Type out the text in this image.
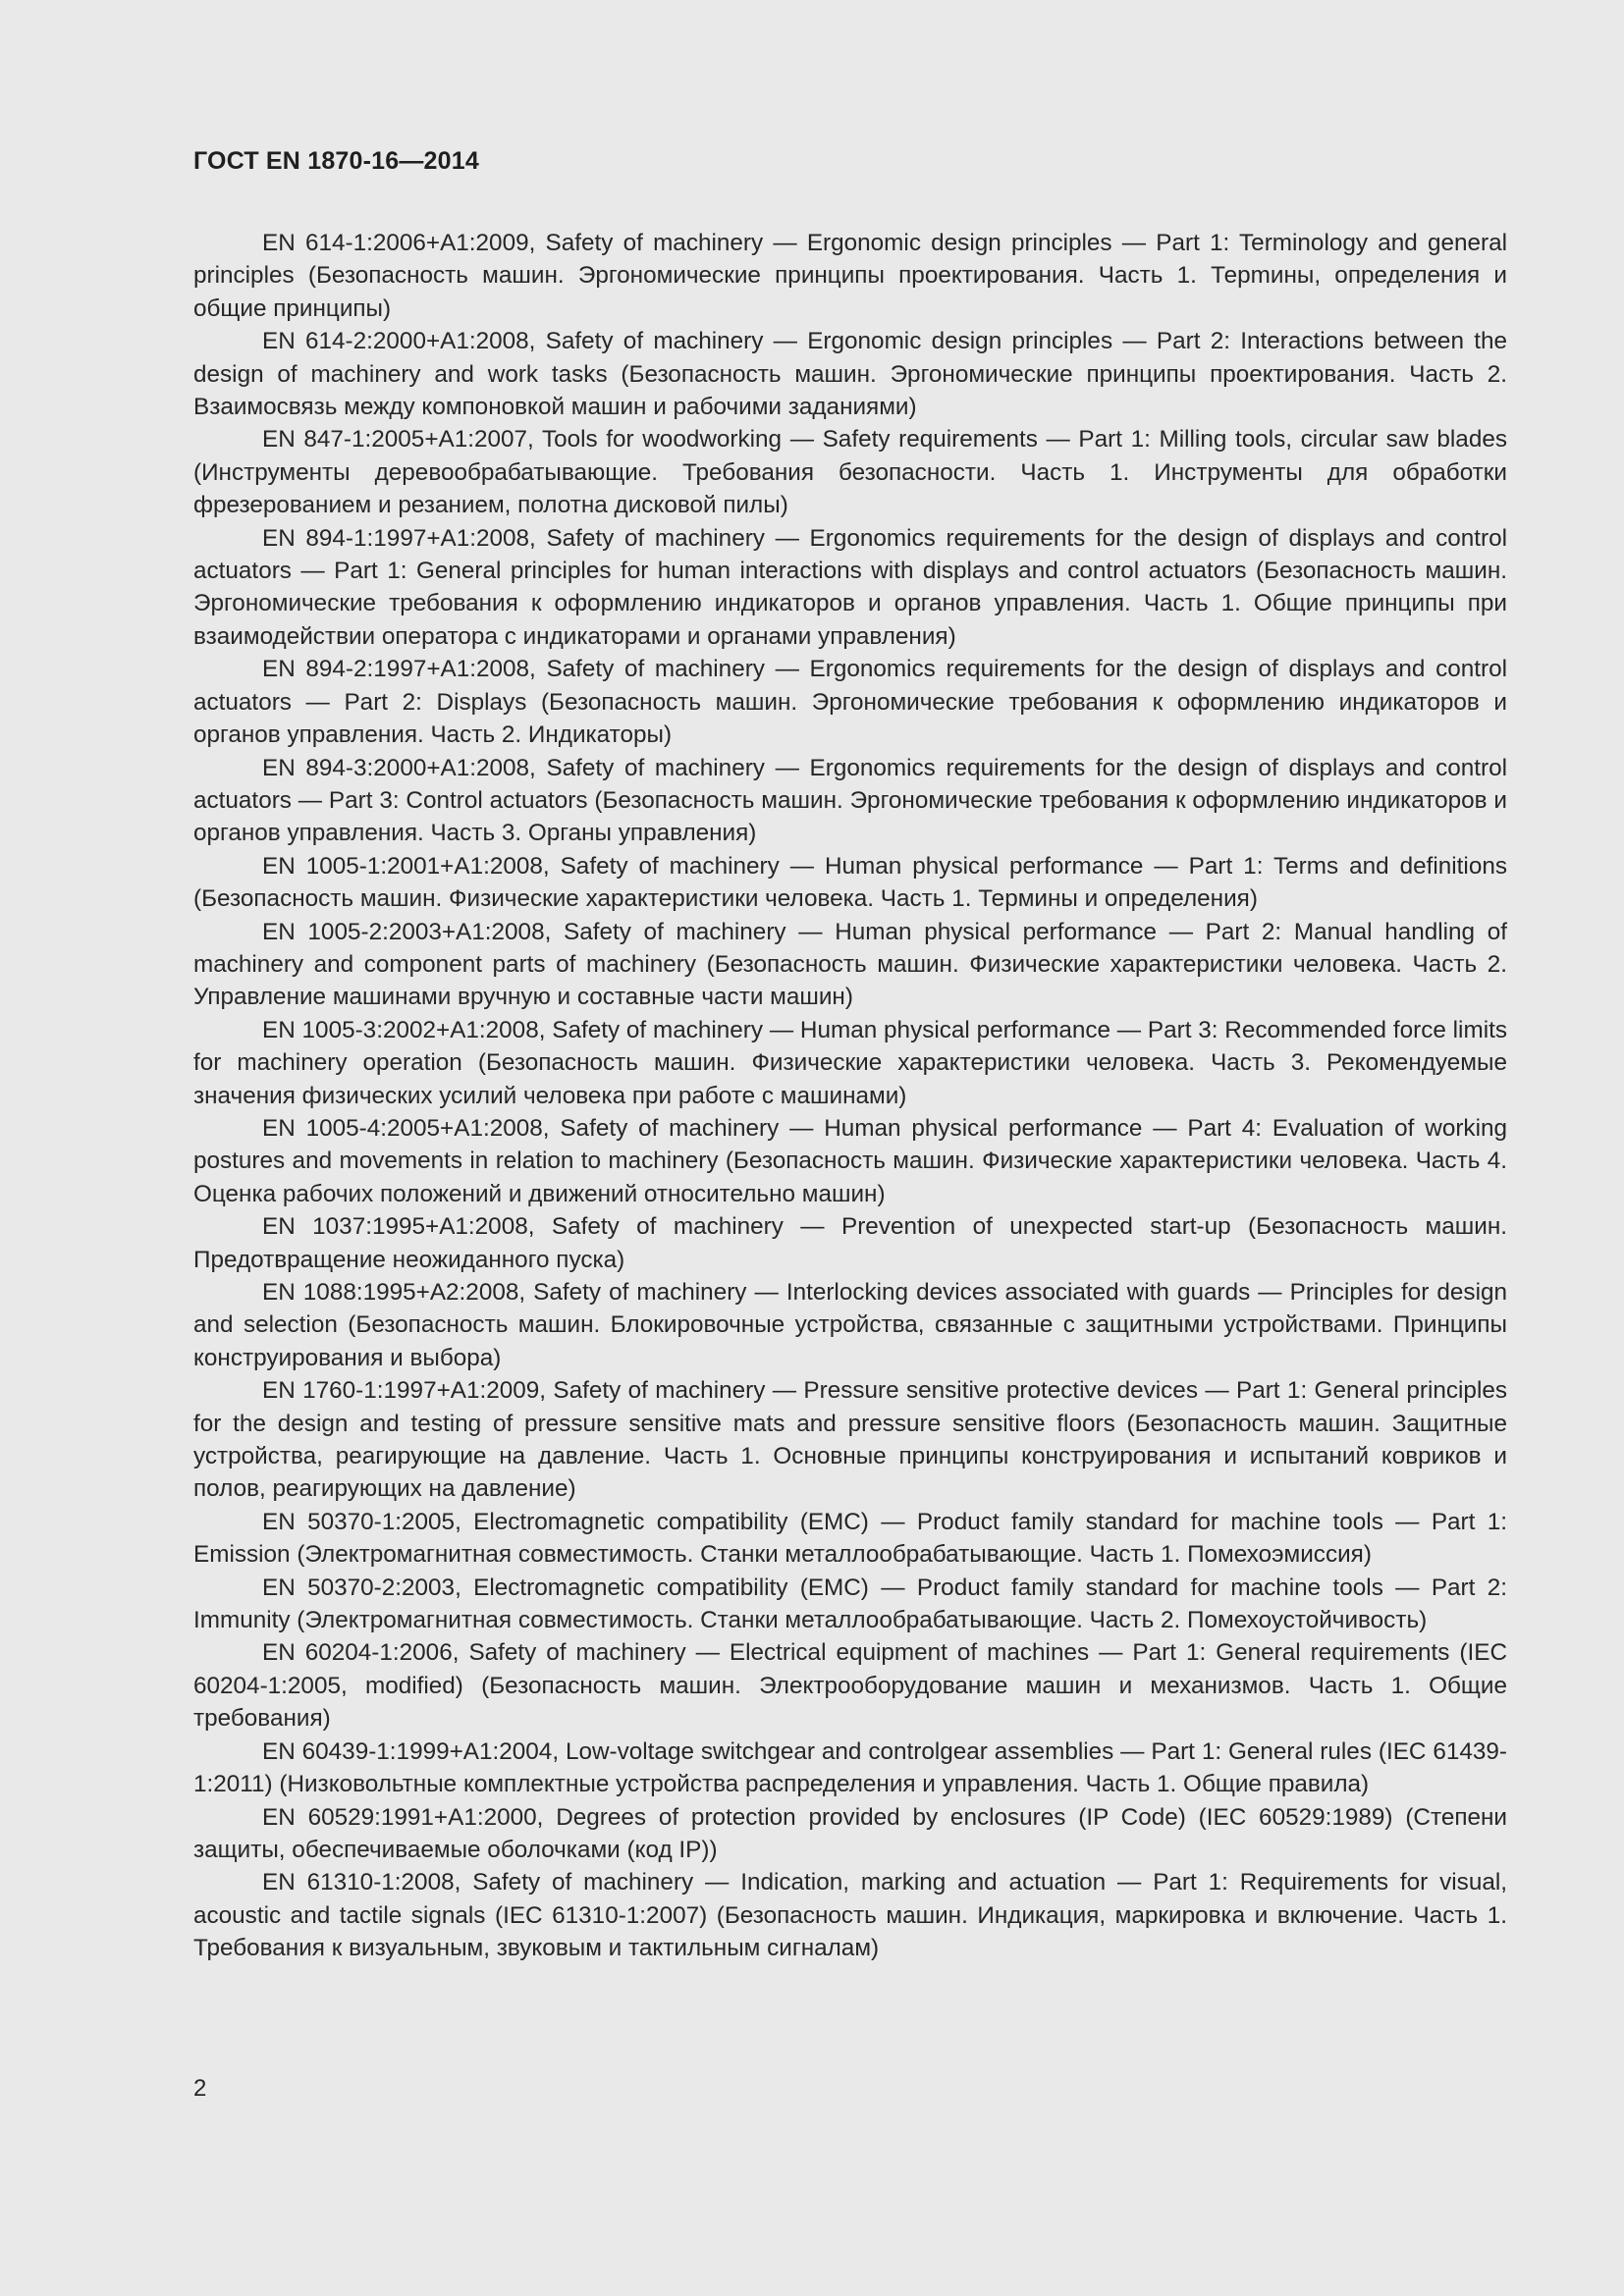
ГОСТ EN 1870-16—2014

EN 614-1:2006+A1:2009, Safety of machinery — Ergonomic design principles — Part 1: Terminology and general principles (Безопасность машин. Эргономические принципы проектирования. Часть 1. Терmины, определения и общие принципы)

EN 614-2:2000+A1:2008, Safety of machinery — Ergonomic design principles — Part 2: Interactions between the design of machinery and work tasks (Безопасность машин. Эргономические принципы проектирования. Часть 2. Взаимосвязь между компоновкой машин и рабочими заданиями)

EN 847-1:2005+A1:2007, Tools for woodworking — Safety requirements — Part 1: Milling tools, circular saw blades (Инструменты деревообрабатывающие. Требования безопасности. Часть 1. Инструменты для обработки фрезерованием и резанием, полотна дисковой пилы)

EN 894-1:1997+A1:2008, Safety of machinery — Ergonomics requirements for the design of displays and control actuators — Part 1: General principles for human interactions with displays and control actuators (Безопасность машин. Эргономические требования к оформлению индикаторов и органов управления. Часть 1. Общие принципы при взаимодействии оператора с индикаторами и органами управления)

EN 894-2:1997+A1:2008, Safety of machinery — Ergonomics requirements for the design of displays and control actuators — Part 2: Displays (Безопасность машин. Эргономические требования к оформлению индикаторов и органов управления. Часть 2. Индикаторы)

EN 894-3:2000+A1:2008, Safety of machinery — Ergonomics requirements for the design of displays and control actuators — Part 3: Control actuators (Безопасность машин. Эргономические требования к оформлению индикаторов и органов управления. Часть 3. Органы управления)

EN 1005-1:2001+A1:2008, Safety of machinery — Human physical performance — Part 1: Terms and definitions (Безопасность машин. Физические характеристики человека. Часть 1. Термины и определения)

EN 1005-2:2003+A1:2008, Safety of machinery — Human physical performance — Part 2: Manual handling of machinery and component parts of machinery (Безопасность машин. Физические характеристики человека. Часть 2. Управление машинами вручную и составные части машин)

EN 1005-3:2002+A1:2008, Safety of machinery — Human physical performance — Part 3: Recommended force limits for machinery operation (Безопасность машин. Физические характеристики человека. Часть 3. Рекомендуемые значения физических усилий человека при работе с машинами)

EN 1005-4:2005+A1:2008, Safety of machinery — Human physical performance — Part 4: Evaluation of working postures and movements in relation to machinery (Безопасность машин. Физические характеристики человека. Часть 4. Оценка рабочих положений и движений относительно машин)

EN 1037:1995+A1:2008, Safety of machinery — Prevention of unexpected start-up (Безопасность машин. Предотвращение неожиданного пуска)

EN 1088:1995+A2:2008, Safety of machinery — Interlocking devices associated with guards — Principles for design and selection (Безопасность машин. Блокировочные устройства, связанные с защитными устройствами. Принципы конструирования и выбора)

EN 1760-1:1997+A1:2009, Safety of machinery — Pressure sensitive protective devices — Part 1: General principles for the design and testing of pressure sensitive mats and pressure sensitive floors (Безопасность машин. Защитные устройства, реагирующие на давление. Часть 1. Основные принципы конструирования и испытаний ковриков и полов, реагирующих на давление)

EN 50370-1:2005, Electromagnetic compatibility (EMC) — Product family standard for machine tools — Part 1: Emission (Электромагнитная совместимость. Станки металлообрабатывающие. Часть 1. Помехоэмиссия)

EN 50370-2:2003, Electromagnetic compatibility (EMC) — Product family standard for machine tools — Part 2: Immunity (Электромагнитная совместимость. Станки металлообрабатывающие. Часть 2. Помехоустойчивость)

EN 60204-1:2006, Safety of machinery — Electrical equipment of machines — Part 1: General requirements (IEC 60204-1:2005, modified) (Безопасность машин. Электрооборудование машин и механизмов. Часть 1. Общие требования)

EN 60439-1:1999+A1:2004, Low-voltage switchgear and controlgear assemblies — Part 1: General rules (IEC 61439-1:2011) (Низковольтные комплектные устройства распределения и управления. Часть 1. Общие правила)

EN 60529:1991+A1:2000, Degrees of protection provided by enclosures (IP Code) (IEC 60529:1989) (Степени защиты, обеспечиваемые оболочками (код IP))

EN 61310-1:2008, Safety of machinery — Indication, marking and actuation — Part 1: Requirements for visual, acoustic and tactile signals (IEC 61310-1:2007) (Безопасность машин. Индикация, маркировка и включение. Часть 1. Требования к визуальным, звуковым и тактильным сигналам)

2
